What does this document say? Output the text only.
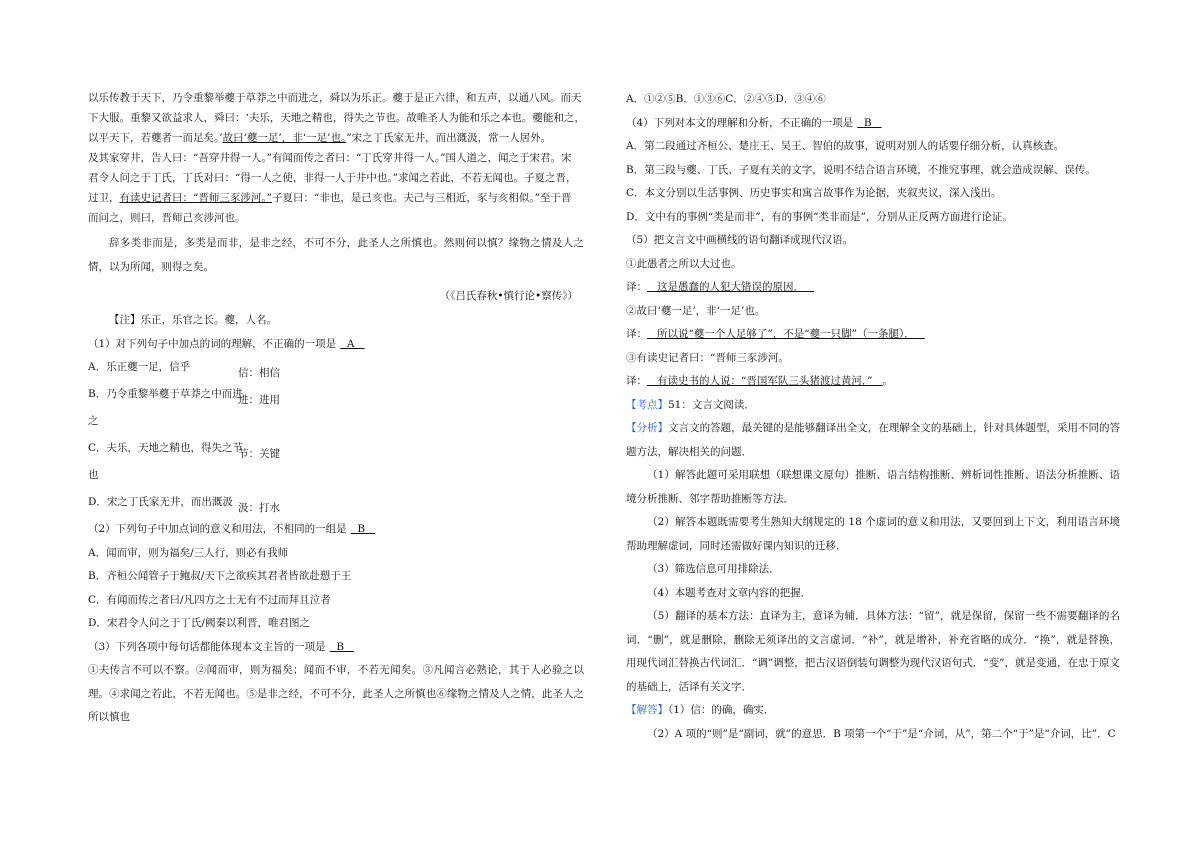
以乐传教于天下，乃令重黎举夔于草莽之中而进之，舜以为乐正。夔于是正六律，和五声，以通八风。而天

下大服。重黎又欲益求人，舜曰：‘夫乐，天地之精也，得失之节也。故唯圣人为能和乐之本也。夔能和之，

以平天下，若夔者一而足矣。’故曰‘夔一足’，非‘一足’也。”宋之丁氏家无井，而出溉汲，常一人居外。

及其家穿井，告人曰：“吾穿井得一人。”有闻而传之者曰：“丁氏穿井得一人。”国人道之，闻之于宋君。宋

君令人问之于丁氏，丁氏对曰：“得一人之使，非得一人于井中也。”求闻之若此，不若无闻也。子夏之晋，

过卫，有读史记者曰：“晋师三豕涉河。”子夏曰：“非也，是己亥也。夫己与三相近，豕与亥相似。”至于晋

而问之，则曰，晋师己亥涉河也。

辞多类非而是，多类是而非，是非之经，不可不分，此圣人之所慎也。然则何以慎？缘物之情及人之情，以为所闻，则得之矣。

（《吕氏春秋•慎行论•察传》）

【注】乐正，乐官之长。夔，人名。

（1）对下列句子中加点的词的理解，不正确的一项是 A

A．乐正夔一足，信乎	信：相信
B．乃令重黎举夔于草莽之中而进
进：进用

之

C．夫乐，天地之精也，得失之节
节：关键

也

D．宋之丁氏家无井，而出溉汲 汲：打水

（2）下列句子中加点词的意义和用法，不相同的一组是 B

A．闻而审，则为福矣/三人行，则必有我师

B．齐桓公闻管子于鲍叔/天下之欲疾其君者皆欲赴愬于王

C．有闻而传之者曰/凡四方之士无有不过而拜且泣者

D．宋君令人问之于丁氏/阙秦以利晋，唯君图之

（3）下列各项中每句话都能体现本文主旨的一项是 B

①夫传言不可以不察。②闻而审，则为福矣；闻而不审，不若无闻矣。③凡闻言必熟论，其于人必验之以理。④求闻之若此，不若无闻也。⑤是非之经，不可不分，此圣人之所慎也⑥缘物之情及人之情，此圣人之所以慎也

A．①②⑤B．①③⑥C．②④⑤D．③④⑥

（4）下列对本文的理解和分析，不正确的一项是 B

A．第二段通过齐桓公、楚庄王、吴王、智伯的故事，说明对别人的话要仔细分析，认真核查。

B．第三段与夔、丁氏、子夏有关的文字，说明不结合语言环境，不推究事理，就会造成误解、误传。

C．本文分别以生活事例、历史事实和寓言故事作为论据，夹叙夹议，深入浅出。

D．文中有的事例“类是而非”，有的事例“类非而是”，分别从正反两方面进行论证。

（5）把文言文中画横线的语句翻译成现代汉语。

①此愚者之所以大过也。

译： 这是愚蠢的人犯大错误的原因．

②故曰‘夔一足’，非‘一足’也。

译： 所以说“夔一个人足够了”，不是“夔一只脚”（一条腿）．

③有读史记者曰：“晋师三豕涉河。

译： 有读史书的人说：“晋国军队三头猪渡过黄河．” 。

【考点】51：文言文阅读．

【分析】文言文的答题，最关键的是能够翻译出全文，在理解全文的基础上，针对具体题型，采用不同的答题方法，解决相关的问题．

（1）解答此题可采用联想（联想课文原句）推断、语言结构推断、辨析词性推断、语法分析推断、语境分析推断、邻字帮助推断等方法．

（2）解答本题既需要考生熟知大纲规定的 18 个虚词的意义和用法，又要回到上下文，利用语言环境帮助理解虚词，同时还需做好课内知识的迁移．

（3）筛选信息可用排除法．

（4）本题考查对文章内容的把握．

（5）翻译的基本方法：直译为主，意译为辅．具体方法：“留”，就是保留，保留一些不需要翻译的名词．“删”，就是删除，删除无须译出的文言虚词．“补”，就是增补，补充省略的成分．“换”，就是替换，用现代词汇替换古代词汇．“调”调整，把古汉语倒装句调整为现代汉语句式．“变”，就是变通，在忠于原文的基础上，活译有关文字．

【解答】（1）信：的确，确实．

（2）A 项的“则”是“副词，就”的意思．B 项第一个“于”是“介词，从”，第二个“于”是“介词，比”．C
